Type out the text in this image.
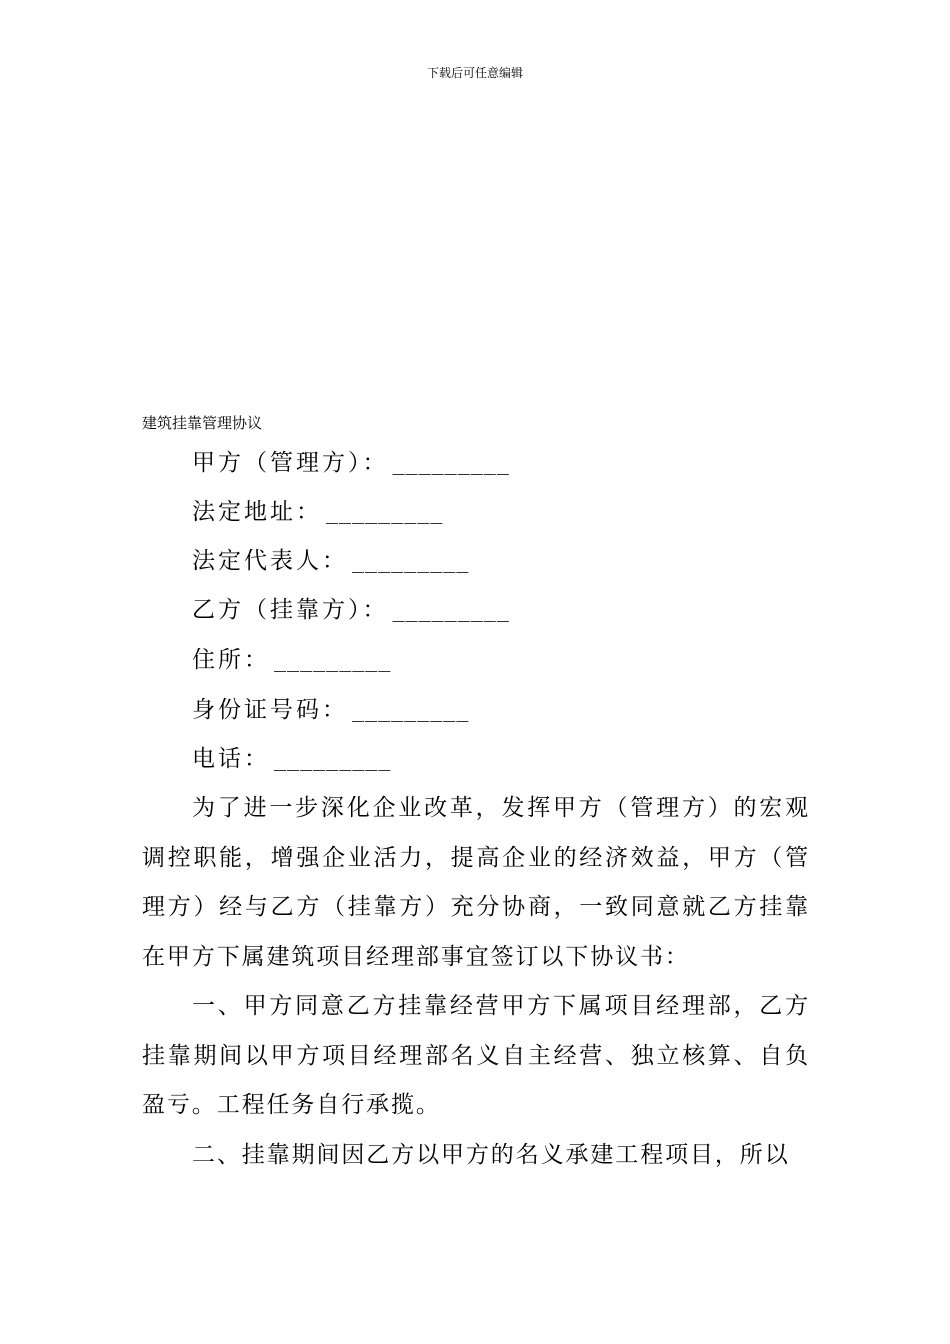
下载后可任意编辑
建筑挂靠管理协议
甲方（管理方）： _________
法定地址： _________
法定代表人： _________
乙方（挂靠方）： _________
住所： _________
身份证号码： _________
电话： _________
为了进一步深化企业改革，发挥甲方（管理方）的宏观调控职能，增强企业活力，提高企业的经济效益，甲方（管理方）经与乙方（挂靠方）充分协商，一致同意就乙方挂靠在甲方下属建筑项目经理部事宜签订以下协议书：
一、甲方同意乙方挂靠经营甲方下属项目经理部，乙方挂靠期间以甲方项目经理部名义自主经营、独立核算、自负盈亏。工程任务自行承揽。
二、挂靠期间因乙方以甲方的名义承建工程项目，所以
